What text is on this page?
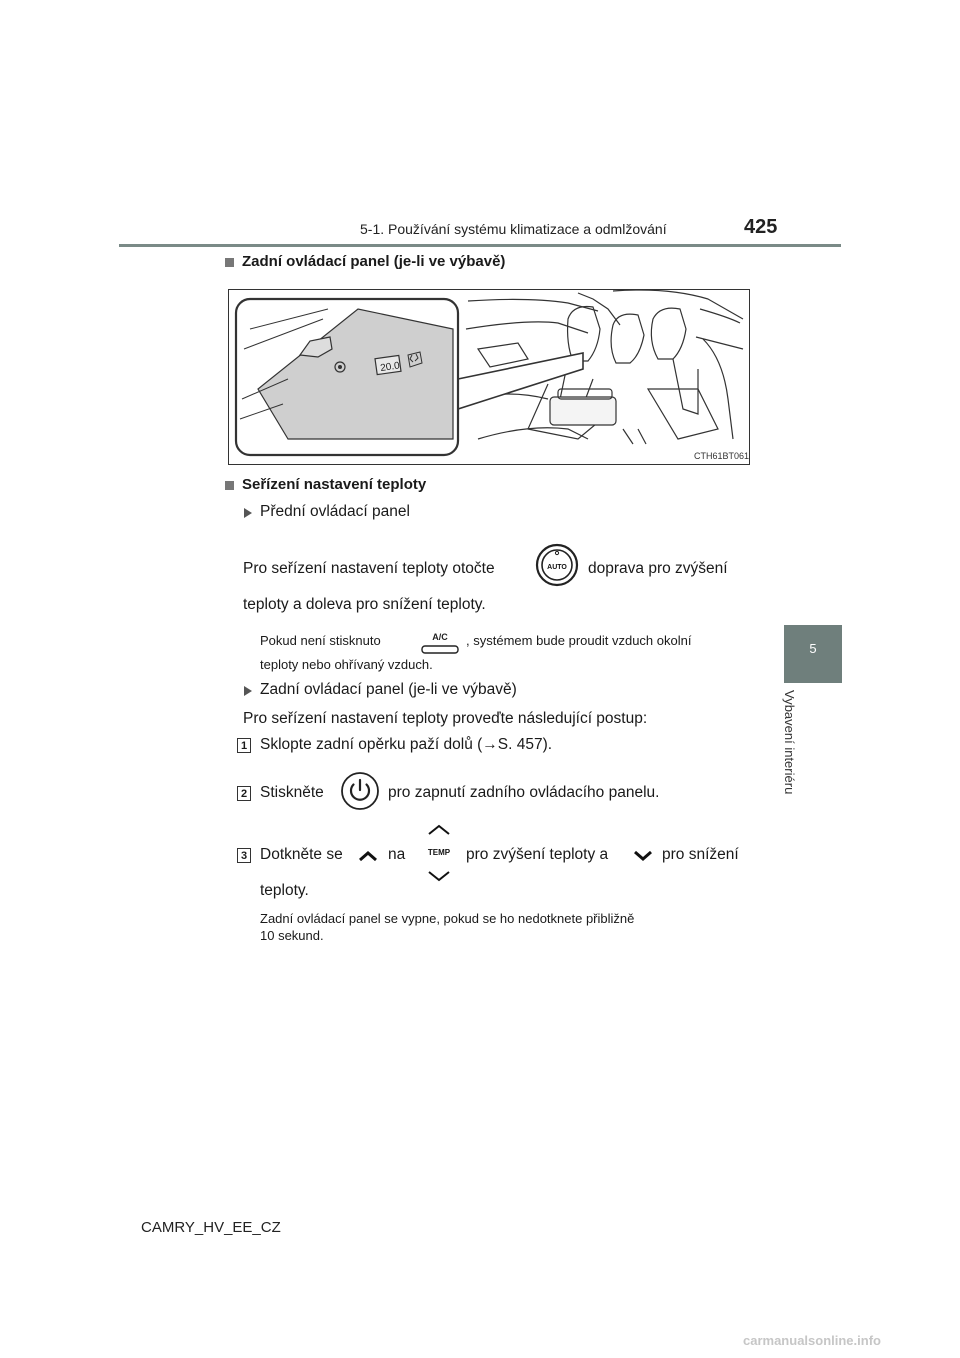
5-1. Používání systému klimatizace a odmlžování	425
5
Vybavení interiéru
Zadní ovládací panel (je-li ve výbavě)
20.0
CTH61BT061
Seřízení nastavení teploty
Přední ovládací panel
Pro seřízení nastavení teploty otočte	AUTO doprava pro zvýšení
teploty a doleva pro snížení teploty.
Pokud není stisknuto	A/C , systémem bude proudit vzduch okolní
teploty nebo ohřívaný vzduch.
Zadní ovládací panel (je-li ve výbavě)
Pro seřízení nastavení teploty proveďte následující postup:
1 Sklopte zadní opěrku paží dolů (→S. 457).
2 Stiskněte	pro zapnutí zadního ovládacího panelu.
3 Dotkněte se	na	TEMP pro zvýšení teploty a	pro snížení
teploty.
Zadní ovládací panel se vypne, pokud se ho nedotknete přibližně
10 sekund.
CAMRY_HV_EE_CZ
carmanualsonline.info
